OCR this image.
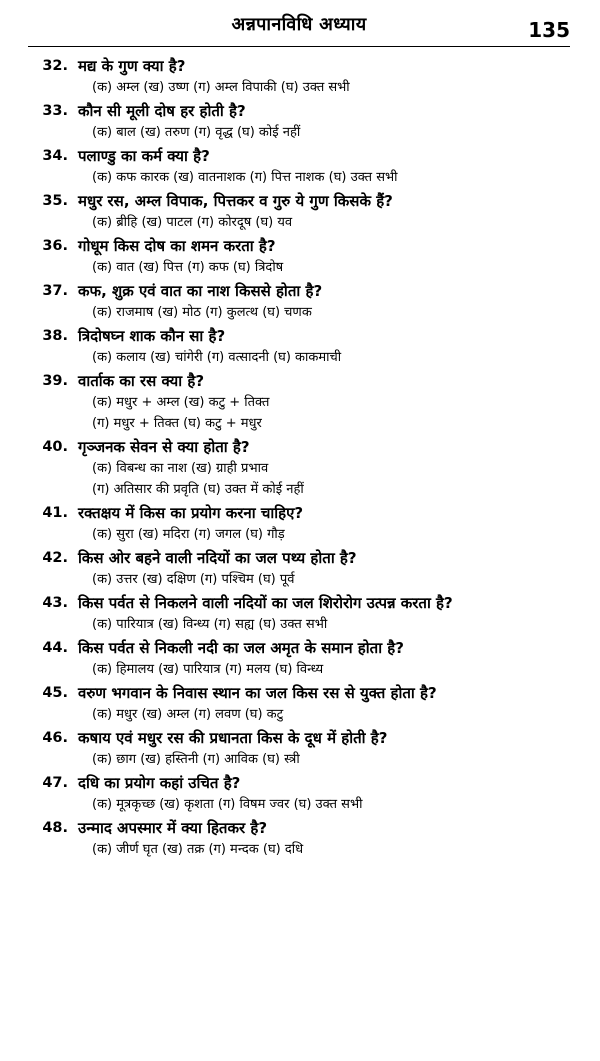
अन्नपानविधि अध्याय	135
32. मद्य के गुण क्या है?
(क) अम्ल (ख) उष्ण (ग) अम्ल विपाकी (घ) उक्त सभी
33. कौन सी मूली दोष हर होती है?
(क) बाल (ख) तरुण (ग) वृद्ध (घ) कोई नहीं
34. पलाण्डु का कर्म क्या है?
(क) कफ कारक (ख) वातनाशक (ग) पित्त नाशक (घ) उक्त सभी
35. मधुर रस, अम्ल विपाक, पित्तकर व गुरु ये गुण किसके हैं?
(क) ब्रीहि (ख) पाटल (ग) कोरदूष (घ) यव
36. गोधूम किस दोष का शमन करता है?
(क) वात (ख) पित्त (ग) कफ (घ) त्रिदोष
37. कफ, शुक्र एवं वात का नाश किससे होता है?
(क) राजमाष (ख) मोठ (ग) कुलत्थ (घ) चणक
38. त्रिदोषघ्न शाक कौन सा है?
(क) कलाय (ख) चांगेरी (ग) वत्सादनी (घ) काकमाची
39. वार्ताक का रस क्या है?
(क) मधुर + अम्ल (ख) कटु + तिक्त
(ग) मधुर + तिक्त (घ) कटु + मधुर
40. गृञ्जनक सेवन से क्या होता है?
(क) विबन्ध का नाश (ख) ग्राही प्रभाव
(ग) अतिसार की प्रवृति (घ) उक्त में कोई नहीं
41. रक्तक्षय में किस का प्रयोग करना चाहिए?
(क) सुरा (ख) मदिरा (ग) जगल (घ) गौड़
42. किस ओर बहने वाली नदियों का जल पथ्य होता है?
(क) उत्तर (ख) दक्षिण (ग) पश्चिम (घ) पूर्व
43. किस पर्वत से निकलने वाली नदियों का जल शिरोरोग उत्पन्न करता है?
(क) पारियात्र (ख) विन्ध्य (ग) सह्य (घ) उक्त सभी
44. किस पर्वत से निकली नदी का जल अमृत के समान होता है?
(क) हिमालय (ख) पारियात्र (ग) मलय (घ) विन्ध्य
45. वरुण भगवान के निवास स्थान का जल किस रस से युक्त होता है?
(क) मधुर (ख) अम्ल (ग) लवण (घ) कटु
46. कषाय एवं मधुर रस की प्रधानता किस के दूध में होती है?
(क) छाग (ख) हस्तिनी (ग) आविक (घ) स्त्री
47. दधि का प्रयोग कहां उचित है?
(क) मूत्रकृच्छ (ख) कृशता (ग) विषम ज्वर (घ) उक्त सभी
48. उन्माद अपस्मार में क्या हितकर है?
(क) जीर्ण घृत (ख) तक्र (ग) मन्दक (घ) दधि
